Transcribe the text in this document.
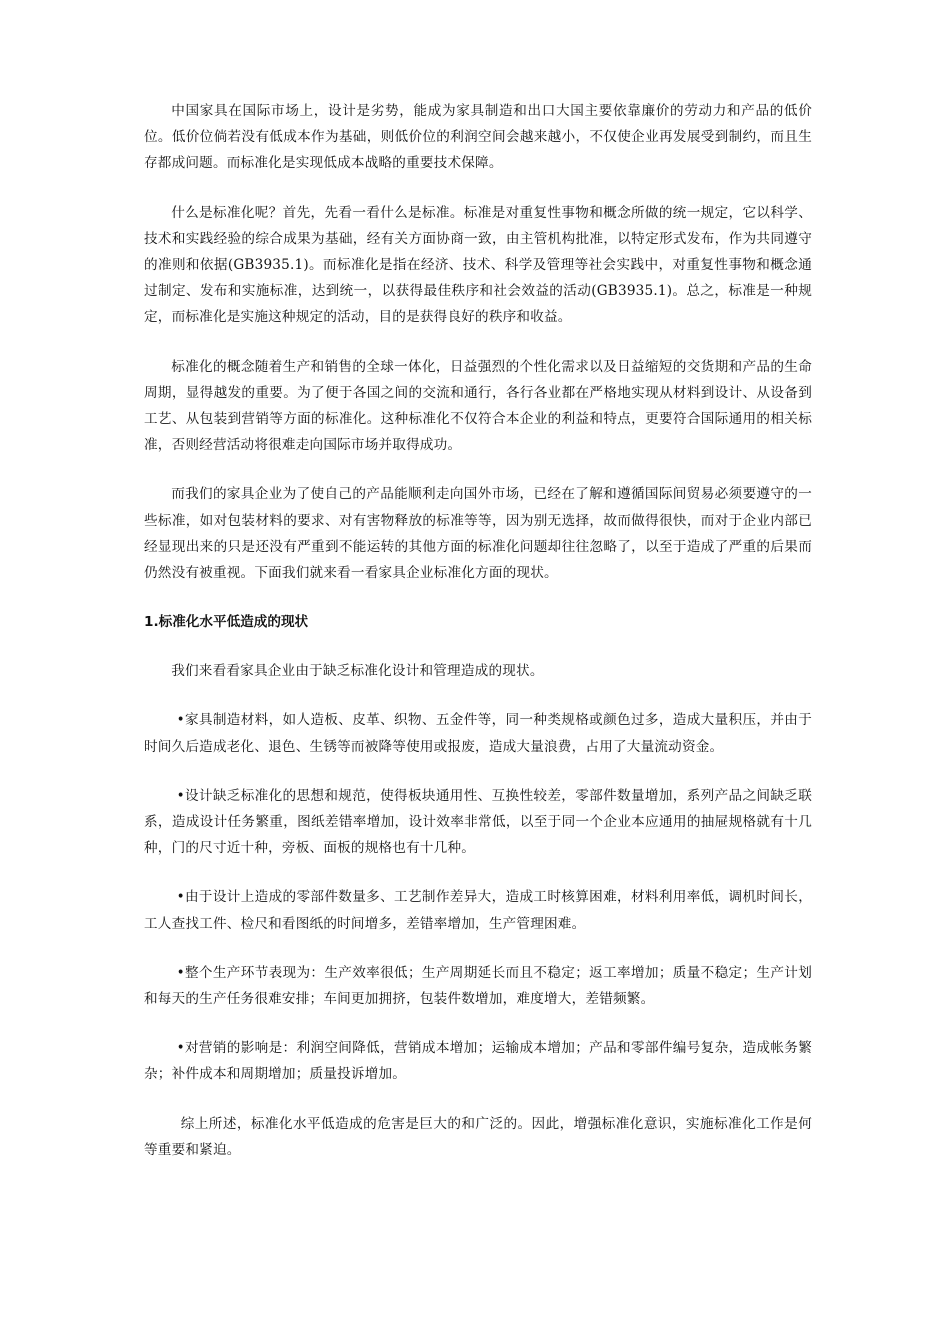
中国家具在国际市场上，设计是劣势，能成为家具制造和出口大国主要依靠廉价的劳动力和产品的低价位。低价位倘若没有低成本作为基础，则低价位的利润空间会越来越小，不仅使企业再发展受到制约，而且生存都成问题。而标准化是实现低成本战略的重要技术保障。

什么是标准化呢？首先，先看一看什么是标准。标准是对重复性事物和概念所做的统一规定，它以科学、技术和实践经验的综合成果为基础，经有关方面协商一致，由主管机构批准，以特定形式发布，作为共同遵守的准则和依据(GB3935.1)。而标准化是指在经济、技术、科学及管理等社会实践中，对重复性事物和概念通过制定、发布和实施标准，达到统一，以获得最佳秩序和社会效益的活动(GB3935.1)。总之，标准是一种规定，而标准化是实施这种规定的活动，目的是获得良好的秩序和收益。

标准化的概念随着生产和销售的全球一体化，日益强烈的个性化需求以及日益缩短的交货期和产品的生命周期，显得越发的重要。为了便于各国之间的交流和通行，各行各业都在严格地实现从材料到设计、从设备到工艺、从包装到营销等方面的标准化。这种标准化不仅符合本企业的利益和特点，更要符合国际通用的相关标准，否则经营活动将很难走向国际市场并取得成功。

而我们的家具企业为了使自己的产品能顺利走向国外市场，已经在了解和遵循国际间贸易必须要遵守的一些标准，如对包装材料的要求、对有害物释放的标准等等，因为别无选择，故而做得很快，而对于企业内部已经显现出来的只是还没有严重到不能运转的其他方面的标准化问题却往往忽略了，以至于造成了严重的后果而仍然没有被重视。下面我们就来看一看家具企业标准化方面的现状。

1.标准化水平低造成的现状

我们来看看家具企业由于缺乏标准化设计和管理造成的现状。

•家具制造材料，如人造板、皮革、织物、五金件等，同一种类规格或颜色过多，造成大量积压，并由于时间久后造成老化、退色、生锈等而被降等使用或报废，造成大量浪费，占用了大量流动资金。

•设计缺乏标准化的思想和规范，使得板块通用性、互换性较差，零部件数量增加，系列产品之间缺乏联系，造成设计任务繁重，图纸差错率增加，设计效率非常低，以至于同一个企业本应通用的抽屉规格就有十几种，门的尺寸近十种，旁板、面板的规格也有十几种。

•由于设计上造成的零部件数量多、工艺制作差异大，造成工时核算困难，材料利用率低，调机时间长，工人查找工件、检尺和看图纸的时间增多，差错率增加，生产管理困难。

•整个生产环节表现为：生产效率很低；生产周期延长而且不稳定；返工率增加；质量不稳定；生产计划和每天的生产任务很难安排；车间更加拥挤，包装件数增加，难度增大，差错频繁。

•对营销的影响是：利润空间降低，营销成本增加；运输成本增加；产品和零部件编号复杂，造成帐务繁杂；补件成本和周期增加；质量投诉增加。

综上所述，标准化水平低造成的危害是巨大的和广泛的。因此，增强标准化意识，实施标准化工作是何等重要和紧迫。
